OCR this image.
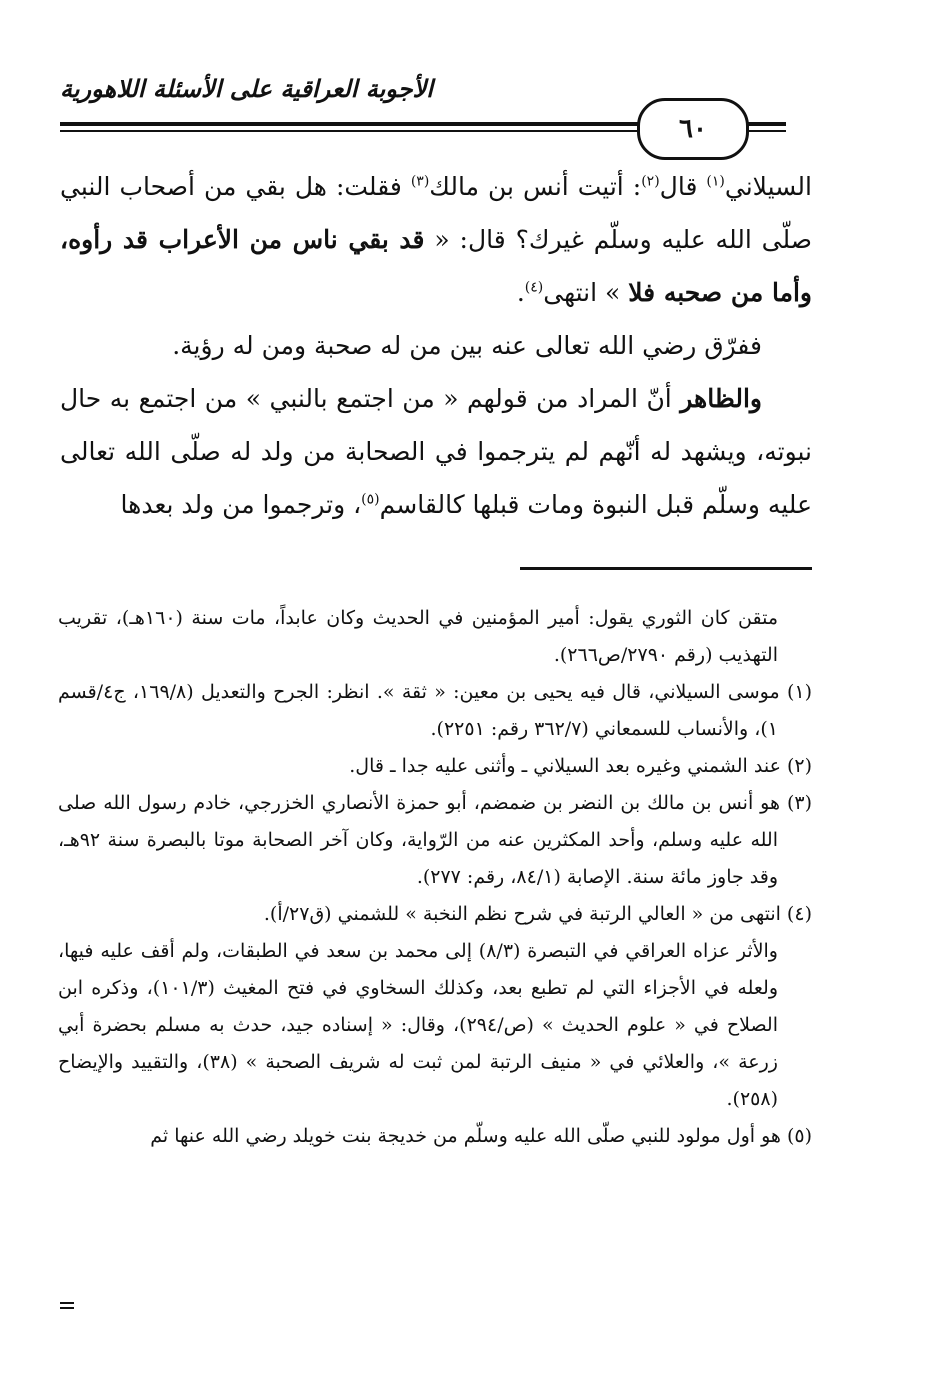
الأجوبة العراقية على الأسئلة اللاهورية
٦٠

السيلاني$^{(١)}$ قال$^{(٢)}$: أتيت أنس بن مالك$^{(٣)}$ فقلت: هل بقي من أصحاب النبي صلّى الله عليه وسلّم غيرك؟ قال: « قد بقي ناس من الأعراب قد رأوه، وأما من صحبه فلا » انتهى$^{(٤)}$.

ففرّق رضي الله تعالى عنه بين من له صحبة ومن له رؤية.

والظاهر أنّ المراد من قولهم « من اجتمع بالنبي » من اجتمع به حال نبوته، ويشهد له أنّهم لم يترجموا في الصحابة من ولد له صلّى الله تعالى عليه وسلّم قبل النبوة ومات قبلها كالقاسم$^{(٥)}$، وترجموا من ولد بعدها

متقن كان الثوري يقول: أمير المؤمنين في الحديث وكان عابداً، مات سنة (١٦٠هـ)، تقريب التهذيب (رقم ٢٧٩٠/ص٢٦٦).

(١) موسى السيلاني، قال فيه يحيى بن معين: « ثقة ». انظر: الجرح والتعديل (١٦٩/٨، ج٤/قسم ١)، والأنساب للسمعاني (٣٦٢/٧ رقم: ٢٢٥١).

(٢) عند الشمني وغيره بعد السيلاني ـ وأثنى عليه جدا ـ قال.

(٣) هو أنس بن مالك بن النضر بن ضمضم، أبو حمزة الأنصاري الخزرجي، خادم رسول الله صلى الله عليه وسلم، وأحد المكثرين عنه من الرّواية، وكان آخر الصحابة موتا بالبصرة سنة ٩٢هـ، وقد جاوز مائة سنة. الإصابة (٨٤/١، رقم: ٢٧٧).

(٤) انتهى من « العالي الرتبة في شرح نظم النخبة » للشمني (ق٢٧/أ).

والأثر عزاه العراقي في التبصرة (٨/٣) إلى محمد بن سعد في الطبقات، ولم أقف عليه فيها، ولعله في الأجزاء التي لم تطبع بعد، وكذلك السخاوي في فتح المغيث (١٠١/٣)، وذكره ابن الصلاح في « علوم الحديث » (ص/٢٩٤)، وقال: « إسناده جيد، حدث به مسلم بحضرة أبي زرعة »، والعلائي في « منيف الرتبة لمن ثبت له شريف الصحبة » (٣٨)، والتقييد والإيضاح (٢٥٨).

(٥) هو أول مولود للنبي صلّى الله عليه وسلّم من خديجة بنت خويلد رضي الله عنها ثم
